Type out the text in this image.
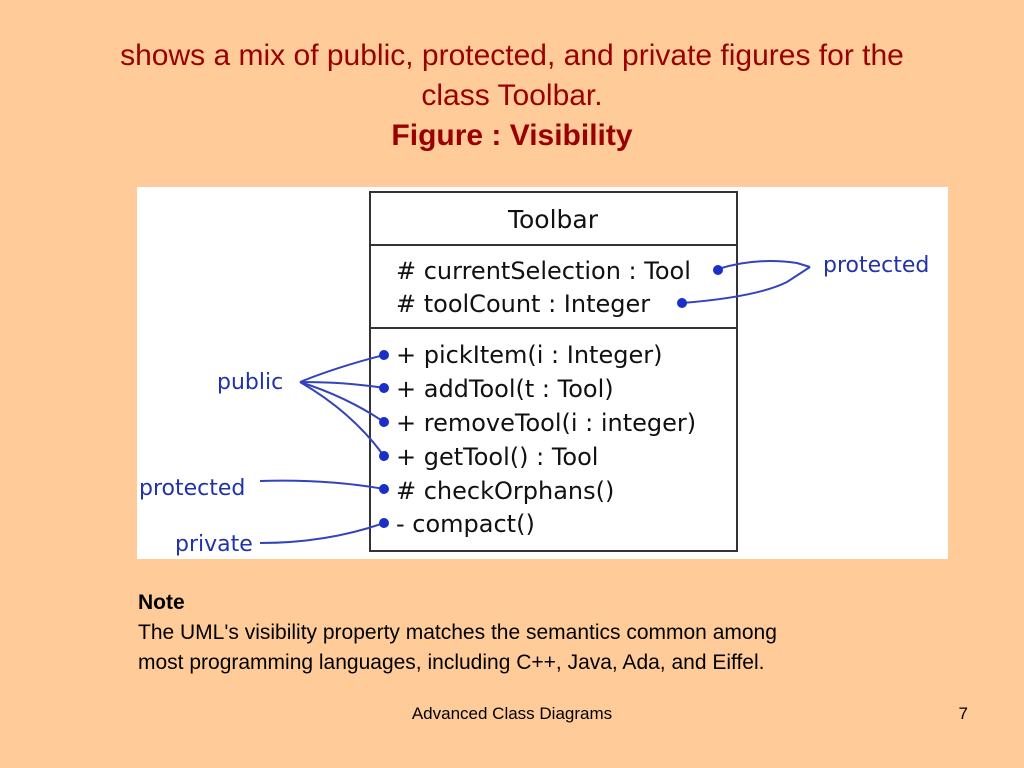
shows a mix of public, protected, and private figures for the
class Toolbar.
Figure : Visibility
Toolbar
# currentSelection : Tool
# toolCount : Integer
+ pickItem(i : Integer)
+ addTool(t : Tool)
+ removeTool(i : integer)
+ getTool() : Tool
# checkOrphans()
- compact()
protected
public
protected
private
Note
The UML's visibility property matches the semantics common among
most programming languages, including C++, Java, Ada, and Eiffel.
Advanced Class Diagrams	7
